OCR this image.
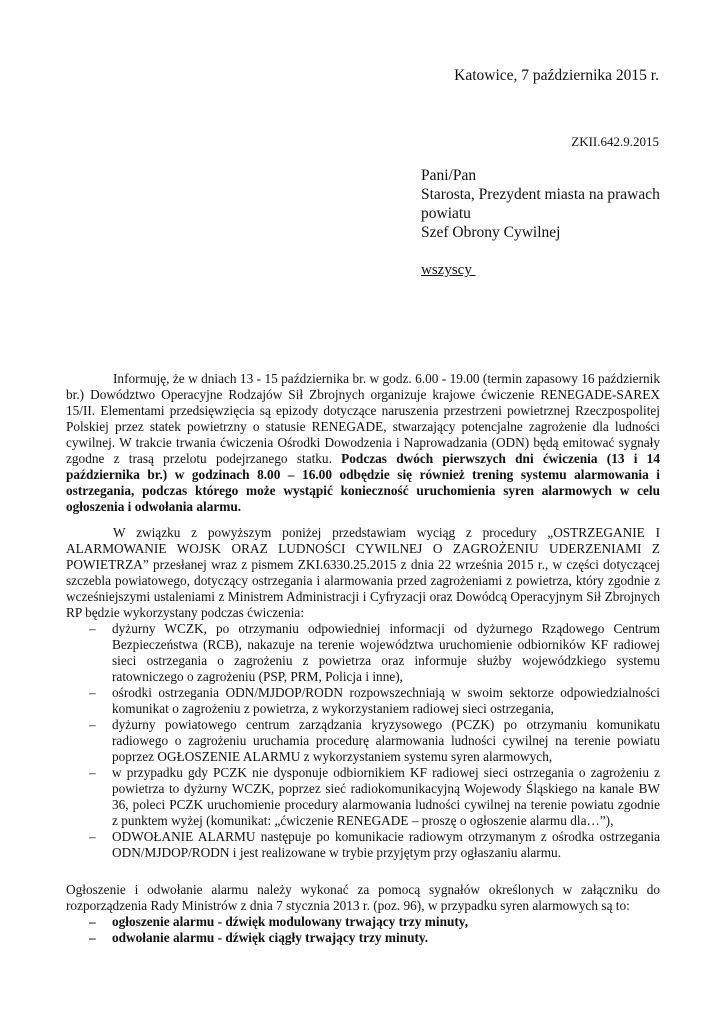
Katowice, 7 października 2015 r.
ZKII.642.9.2015
Pani/Pan
Starosta, Prezydent miasta na prawach
powiatu
Szef Obrony Cywilnej
wszyscy

Informuję, że w dniach 13 - 15 października br. w godz. 6.00 - 19.00 (termin zapasowy 16 październik br.) Dowództwo Operacyjne Rodzajów Sił Zbrojnych organizuje krajowe ćwiczenie RENEGADE-SAREX 15/II. Elementami przedsięwzięcia są epizody dotyczące naruszenia przestrzeni powietrznej Rzeczpospolitej Polskiej przez statek powietrzny o statusie RENEGADE, stwarzający potencjalne zagrożenie dla ludności cywilnej. W trakcie trwania ćwiczenia Ośrodki Dowodzenia i Naprowadzania (ODN) będą emitować sygnały zgodne z trasą przelotu podejrzanego statku. Podczas dwóch pierwszych dni ćwiczenia (13 i 14 października br.) w godzinach 8.00 – 16.00 odbędzie się również trening systemu alarmowania i ostrzegania, podczas którego może wystąpić konieczność uruchomienia syren alarmowych w celu ogłoszenia i odwołania alarmu.

W związku z powyższym poniżej przedstawiam wyciąg z procedury „OSTRZEGANIE I ALARMOWANIE WOJSK ORAZ LUDNOŚCI CYWILNEJ O ZAGROŻENIU UDERZENIAMI Z POWIETRZA” przesłanej wraz z pismem ZKI.6330.25.2015 z dnia 22 września 2015 r., w części dotyczącej szczebla powiatowego, dotyczący ostrzegania i alarmowania przed zagrożeniami z powietrza, który zgodnie z wcześniejszymi ustaleniami z Ministrem Administracji i Cyfryzacji oraz Dowódcą Operacyjnym Sił Zbrojnych RP będzie wykorzystany podczas ćwiczenia:

– dyżurny WCZK, po otrzymaniu odpowiedniej informacji od dyżurnego Rządowego Centrum Bezpieczeństwa (RCB), nakazuje na terenie województwa uruchomienie odbiorników KF radiowej sieci ostrzegania o zagrożeniu z powietrza oraz informuje służby wojewódzkiego systemu ratowniczego o zagrożeniu (PSP, PRM, Policja i inne),
– ośrodki ostrzegania ODN/MJDOP/RODN rozpowszechniają w swoim sektorze odpowiedzialności komunikat o zagrożeniu z powietrza, z wykorzystaniem radiowej sieci ostrzegania,
– dyżurny powiatowego centrum zarządzania kryzysowego (PCZK) po otrzymaniu komunikatu radiowego o zagrożeniu uruchamia procedurę alarmowania ludności cywilnej na terenie powiatu poprzez OGŁOSZENIE ALARMU z wykorzystaniem systemu syren alarmowych,
– w przypadku gdy PCZK nie dysponuje odbiornikiem KF radiowej sieci ostrzegania o zagrożeniu z powietrza to dyżurny WCZK, poprzez sieć radiokomunikacyjną Wojewody Śląskiego na kanale BW 36, poleci PCZK uruchomienie procedury alarmowania ludności cywilnej na terenie powiatu zgodnie z punktem wyżej (komunikat: „ćwiczenie RENEGADE – proszę o ogłoszenie alarmu dla…”),
– ODWOŁANIE ALARMU następuje po komunikacie radiowym otrzymanym z ośrodka ostrzegania ODN/MJDOP/RODN i jest realizowane w trybie przyjętym przy ogłaszaniu alarmu.

Ogłoszenie i odwołanie alarmu należy wykonać za pomocą sygnałów określonych w załączniku do rozporządzenia Rady Ministrów z dnia 7 stycznia 2013 r. (poz. 96), w przypadku syren alarmowych są to:

– ogłoszenie alarmu - dźwięk modulowany trwający trzy minuty,
– odwołanie alarmu - dźwięk ciągły trwający trzy minuty.
